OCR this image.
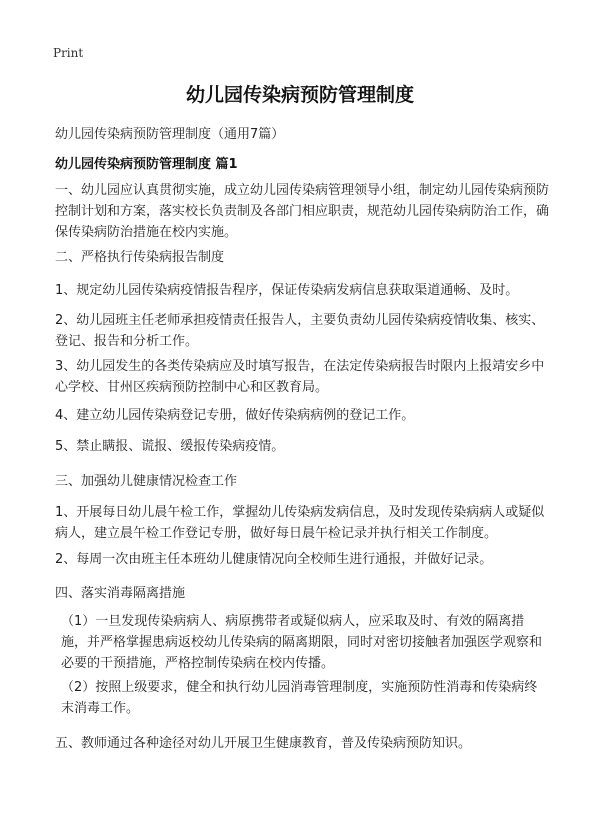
Print
幼儿园传染病预防管理制度
幼儿园传染病预防管理制度（通用7篇）
幼儿园传染病预防管理制度 篇1

一、幼儿园应认真贯彻实施，成立幼儿园传染病管理领导小组，制定幼儿园传染病预防控制计划和方案，落实校长负责制及各部门相应职责，规范幼儿园传染病防治工作，确保传染病防治措施在校内实施。

二、严格执行传染病报告制度

1、规定幼儿园传染病疫情报告程序，保证传染病发病信息获取渠道通畅、及时。

2、幼儿园班主任老师承担疫情责任报告人，主要负责幼儿园传染病疫情收集、核实、登记、报告和分析工作。

3、幼儿园发生的各类传染病应及时填写报告，在法定传染病报告时限内上报靖安乡中心学校、甘州区疾病预防控制中心和区教育局。

4、建立幼儿园传染病登记专册，做好传染病病例的登记工作。

5、禁止瞒报、谎报、缓报传染病疫情。

三、加强幼儿健康情况检查工作

1、开展每日幼儿晨午检工作，掌握幼儿传染病发病信息，及时发现传染病病人或疑似病人，建立晨午检工作登记专册，做好每日晨午检记录并执行相关工作制度。

2、每周一次由班主任本班幼儿健康情况向全校师生进行通报，并做好记录。

四、落实消毒隔离措施

（1）一旦发现传染病病人、病原携带者或疑似病人，应采取及时、有效的隔离措施，并严格掌握患病返校幼儿传染病的隔离期限，同时对密切接触者加强医学观察和必要的干预措施，严格控制传染病在校内传播。

（2）按照上级要求，健全和执行幼儿园消毒管理制度，实施预防性消毒和传染病终末消毒工作。

五、教师通过各种途径对幼儿开展卫生健康教育，普及传染病预防知识。
